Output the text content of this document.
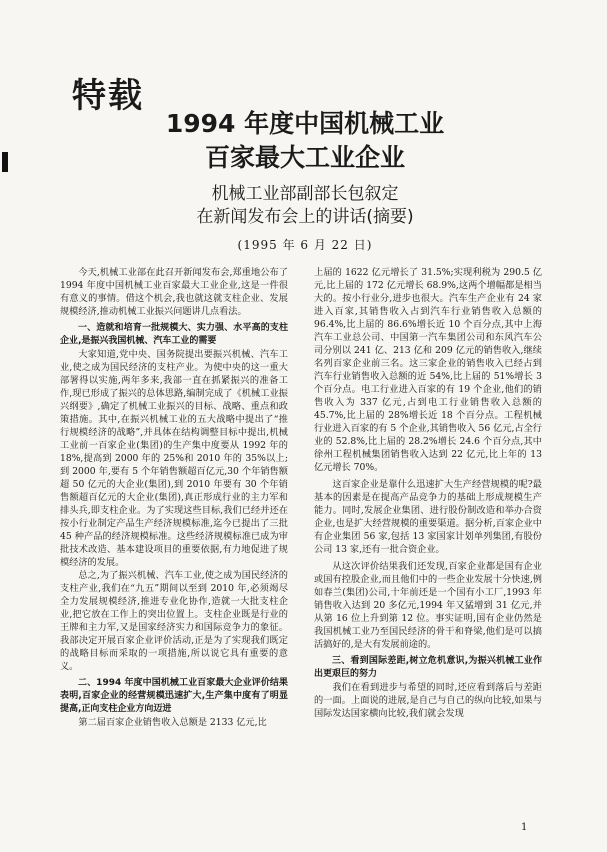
特载
1994 年度中国机械工业
百家最大工业企业
机械工业部副部长包叙定
在新闻发布会上的讲话(摘要)
(1995 年 6 月 22 日)

今天,机械工业部在此召开新闻发布会,郑重地公布了 1994 年度中国机械工业百家最大工业企业,这是一件很有意义的事情。借这个机会,我也就这就支柱企业、发展规模经济,推动机械工业振兴问题讲几点看法。

一、造就和培育一批规模大、实力强、水平高的支柱企业,是振兴我国机械、汽车工业的需要

大家知道,党中央、国务院提出要振兴机械、汽车工业,使之成为国民经济的支柱产业。为使中央的这一重大部署得以实施,两年多来,我部一直在抓紧振兴的准备工作,现已形成了振兴的总体思路,编制完成了《机械工业振兴纲要》,确定了机械工业振兴的目标、战略、重点和政策措施。其中,在振兴机械工业的五大战略中提出了“推行规模经济的战略”,并具体在结构调整目标中提出,机械工业前一百家企业(集团)的生产集中度要从 1992 年的 18%,提高到 2000 年的 25%和 2010 年的 35%以上;到 2000 年,要有 5 个年销售额超百亿元,30 个年销售额超 50 亿元的大企业(集团),到 2010 年要有 30 个年销售额超百亿元的大企业(集团),真正形成行业的主力军和排头兵,即支柱企业。为了实现这些目标,我们已经并还在按小行业制定产品生产经济规模标准,迄今已提出了三批 45 种产品的经济规模标准。这些经济规模标准已成为审批技术改造、基本建设项目的重要依据,有力地促进了规模经济的发展。

总之,为了振兴机械、汽车工业,使之成为国民经济的支柱产业,我们在“九五”期间以至到 2010 年,必须竭尽全力发展规模经济,推进专业化协作,造就一大批支柱企业,把它放在工作上的突出位置上。支柱企业既是行业的王牌和主力军,又是国家经济实力和国际竞争力的象征。我部决定开展百家企业评价活动,正是为了实现我们既定的战略目标而采取的一项措施,所以说它具有重要的意义。

二、1994 年度中国机械工业百家最大企业评价结果表明,百家企业的经营规模迅速扩大,生产集中度有了明显提高,正向支柱企业方向迈进

第二届百家企业销售收入总额是 2133 亿元,比

上届的 1622 亿元增长了 31.5%;实现利税为 290.5 亿元,比上届的 172 亿元增长 68.9%,这两个增幅都是相当大的。按小行业分,进步也很大。汽车生产企业有 24 家进入百家,其销售收入占到汽车行业销售收入总额的 96.4%,比上届的 86.6%增长近 10 个百分点,其中上海汽车工业总公司、中国第一汽车集团公司和东风汽车公司分别以 241 亿、213 亿和 209 亿元的销售收入,继续名列百家企业前三名。这三家企业的销售收入已经占到汽车行业销售收入总额的近 54%,比上届的 51%增长 3 个百分点。电工行业进入百家的有 19 个企业,他们的销售收入为 337 亿元,占到电工行业销售收入总额的 45.7%,比上届的 28%增长近 18 个百分点。工程机械行业进入百家的有 5 个企业,其销售收入 56 亿元,占全行业的 52.8%,比上届的 28.2%增长 24.6 个百分点,其中徐州工程机械集团销售收入达到 22 亿元,比上年的 13 亿元增长 70%。

这百家企业是靠什么迅速扩大生产经营规模的呢?最基本的因素是在提高产品竞争力的基础上形成规模生产能力。同时,发展企业集团、进行股份制改造和举办合资企业,也是扩大经营规模的重要渠道。据分析,百家企业中有企业集团 56 家,包括 13 家国家计划单列集团,有股份公司 13 家,还有一批合资企业。

从这次评价结果我们还发现,百家企业都是国有企业或国有控股企业,而且他们中的一些企业发展十分快速,例如春兰(集团)公司,十年前还是一个国有小工厂,1993 年销售收入达到 20 多亿元,1994 年又猛增到 31 亿元,并从第 16 位上升到第 12 位。事实证明,国有企业仍然是我国机械工业乃至国民经济的骨干和脊梁,他们是可以搞活搞好的,是大有发展前途的。

三、看到国际差距,树立危机意识,为振兴机械工业作出更艰巨的努力

我们在看到进步与希望的同时,还应看到落后与差距的一面。上面说的进展,是自己与自己的纵向比较,如果与国际发达国家横向比较,我们就会发现

1
